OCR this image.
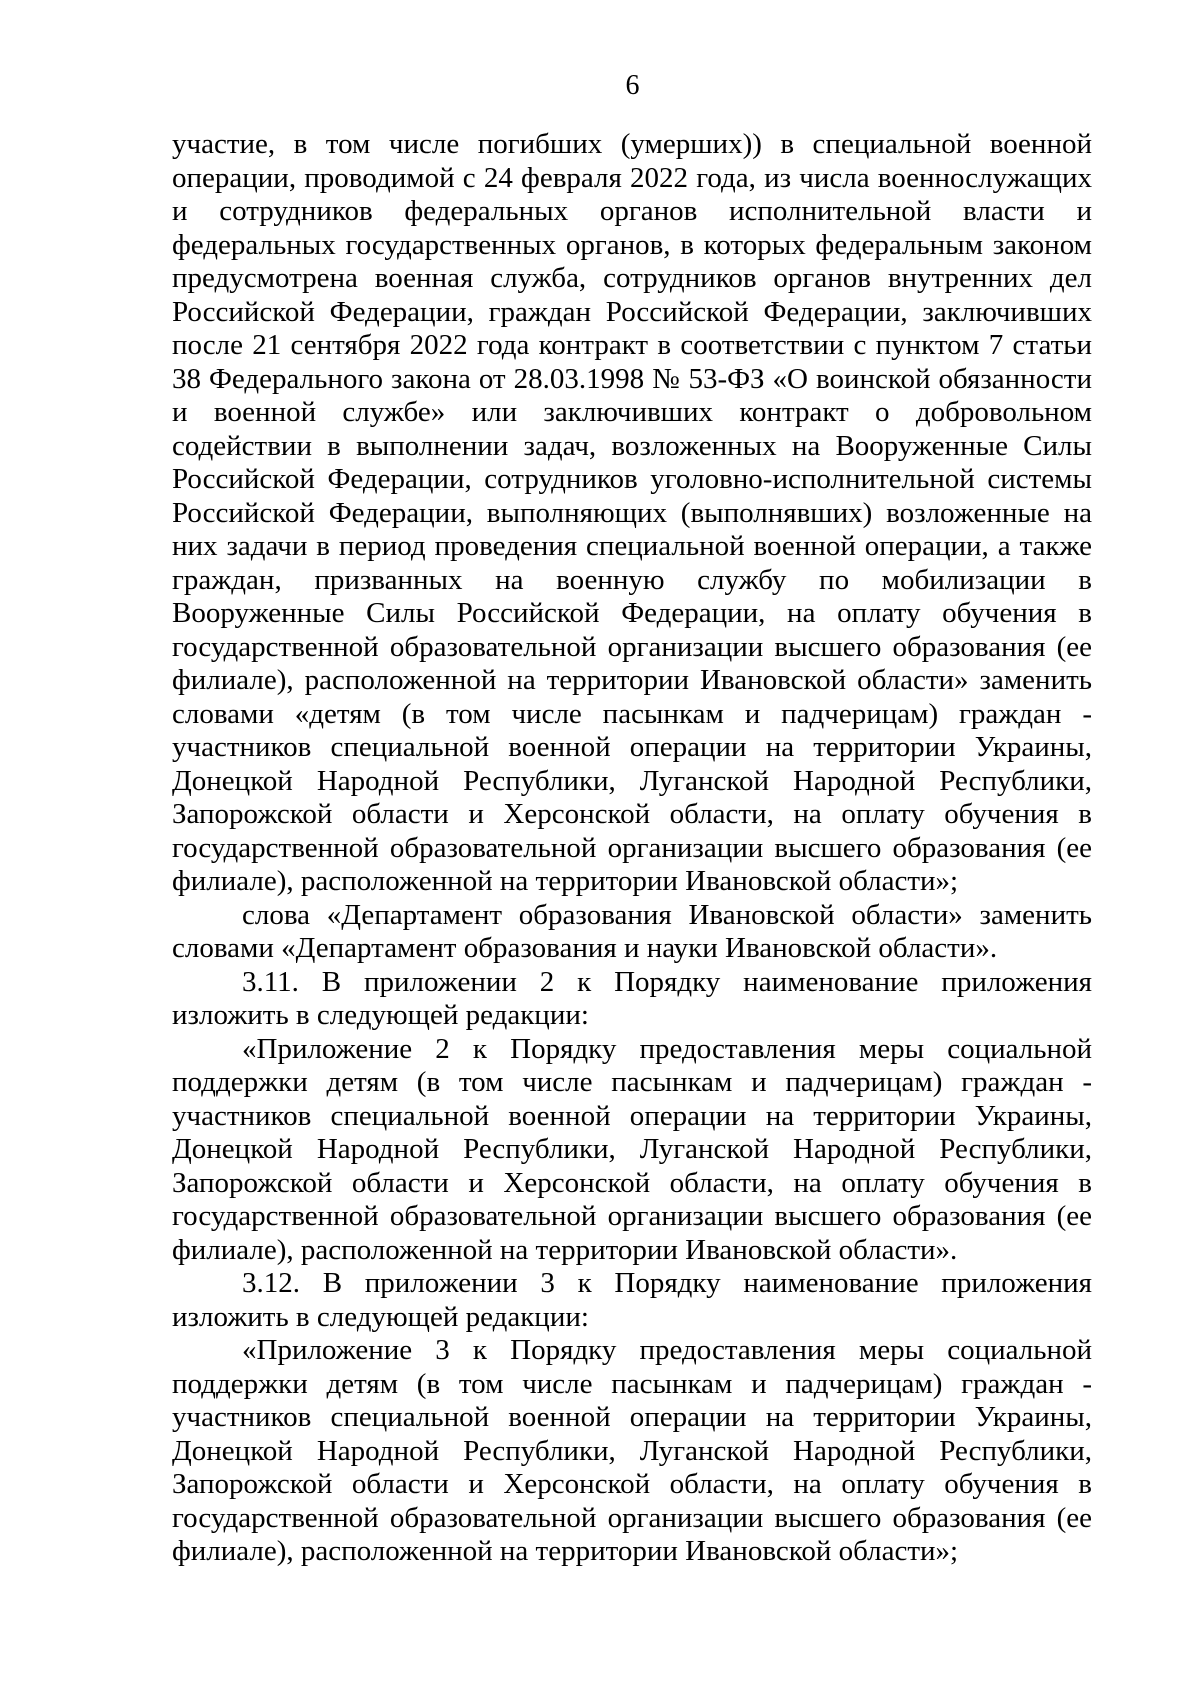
6

участие, в том числе погибших (умерших)) в специальной военной операции, проводимой с 24 февраля 2022 года, из числа военнослужащих и сотрудников федеральных органов исполнительной власти и федеральных государственных органов, в которых федеральным законом предусмотрена военная служба, сотрудников органов внутренних дел Российской Федерации, граждан Российской Федерации, заключивших после 21 сентября 2022 года контракт в соответствии с пунктом 7 статьи 38 Федерального закона от 28.03.1998 № 53-ФЗ «О воинской обязанности и военной службе» или заключивших контракт о добровольном содействии в выполнении задач, возложенных на Вооруженные Силы Российской Федерации, сотрудников уголовно-исполнительной системы Российской Федерации, выполняющих (выполнявших) возложенные на них задачи в период проведения специальной военной операции, а также граждан, призванных на военную службу по мобилизации в Вооруженные Силы Российской Федерации, на оплату обучения в государственной образовательной организации высшего образования (ее филиале), расположенной на территории Ивановской области» заменить словами «детям (в том числе пасынкам и падчерицам) граждан - участников специальной военной операции на территории Украины, Донецкой Народной Республики, Луганской Народной Республики, Запорожской области и Херсонской области, на оплату обучения в государственной образовательной организации высшего образования (ее филиале), расположенной на территории Ивановской области»;

слова «Департамент образования Ивановской области» заменить словами «Департамент образования и науки Ивановской области».

3.11. В приложении 2 к Порядку наименование приложения изложить в следующей редакции:

«Приложение 2 к Порядку предоставления меры социальной поддержки детям (в том числе пасынкам и падчерицам) граждан - участников специальной военной операции на территории Украины, Донецкой Народной Республики, Луганской Народной Республики, Запорожской области и Херсонской области, на оплату обучения в государственной образовательной организации высшего образования (ее филиале), расположенной на территории Ивановской области».

3.12. В приложении 3 к Порядку наименование приложения изложить в следующей редакции:

«Приложение 3 к Порядку предоставления меры социальной поддержки детям (в том числе пасынкам и падчерицам) граждан - участников специальной военной операции на территории Украины, Донецкой Народной Республики, Луганской Народной Республики, Запорожской области и Херсонской области, на оплату обучения в государственной образовательной организации высшего образования (ее филиале), расположенной на территории Ивановской области»;
